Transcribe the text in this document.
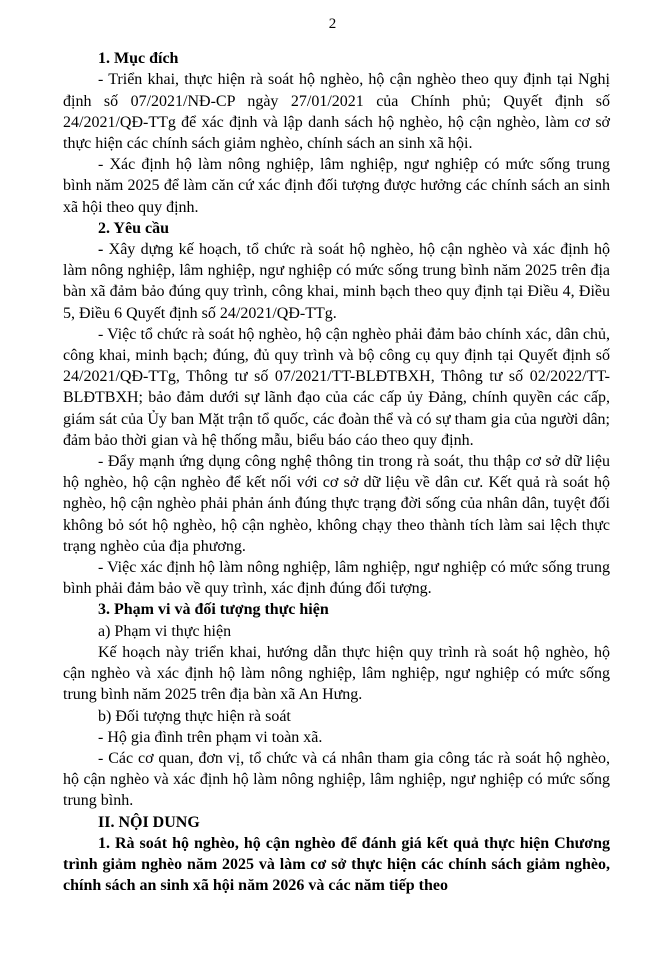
2

1. Mục đích

- Triển khai, thực hiện rà soát hộ nghèo, hộ cận nghèo theo quy định tại Nghị định số 07/2021/NĐ-CP ngày 27/01/2021 của Chính phủ; Quyết định số 24/2021/QĐ-TTg để xác định và lập danh sách hộ nghèo, hộ cận nghèo, làm cơ sở thực hiện các chính sách giảm nghèo, chính sách an sinh xã hội.

- Xác định hộ làm nông nghiệp, lâm nghiệp, ngư nghiệp có mức sống trung bình năm 2025 để làm căn cứ xác định đối tượng được hưởng các chính sách an sinh xã hội theo quy định.

2. Yêu cầu

- Xây dựng kế hoạch, tổ chức rà soát hộ nghèo, hộ cận nghèo và xác định hộ làm nông nghiệp, lâm nghiệp, ngư nghiệp có mức sống trung bình năm 2025 trên địa bàn xã đảm bảo đúng quy trình, công khai, minh bạch theo quy định tại Điều 4, Điều 5, Điều 6 Quyết định số 24/2021/QĐ-TTg.

- Việc tổ chức rà soát hộ nghèo, hộ cận nghèo phải đảm bảo chính xác, dân chủ, công khai, minh bạch; đúng, đủ quy trình và bộ công cụ quy định tại Quyết định số 24/2021/QĐ-TTg, Thông tư số 07/2021/TT-BLĐTBXH, Thông tư số 02/2022/TT-BLĐTBXH; bảo đảm dưới sự lãnh đạo của các cấp ủy Đảng, chính quyền các cấp, giám sát của Ủy ban Mặt trận tổ quốc, các đoàn thể và có sự tham gia của người dân; đảm bảo thời gian và hệ thống mẫu, biểu báo cáo theo quy định.

- Đẩy mạnh ứng dụng công nghệ thông tin trong rà soát, thu thập cơ sở dữ liệu hộ nghèo, hộ cận nghèo để kết nối với cơ sở dữ liệu về dân cư. Kết quả rà soát hộ nghèo, hộ cận nghèo phải phản ánh đúng thực trạng đời sống của nhân dân, tuyệt đối không bỏ sót hộ nghèo, hộ cận nghèo, không chạy theo thành tích làm sai lệch thực trạng nghèo của địa phương.

- Việc xác định hộ làm nông nghiệp, lâm nghiệp, ngư nghiệp có mức sống trung bình phải đảm bảo về quy trình, xác định đúng đối tượng.

3. Phạm vi và đối tượng thực hiện

a) Phạm vi thực hiện

Kế hoạch này triển khai, hướng dẫn thực hiện quy trình rà soát hộ nghèo, hộ cận nghèo và xác định hộ làm nông nghiệp, lâm nghiệp, ngư nghiệp có mức sống trung bình năm 2025 trên địa bàn xã An Hưng.

b) Đối tượng thực hiện rà soát

- Hộ gia đình trên phạm vi toàn xã.

- Các cơ quan, đơn vị, tổ chức và cá nhân tham gia công tác rà soát hộ nghèo, hộ cận nghèo và xác định hộ làm nông nghiệp, lâm nghiệp, ngư nghiệp có mức sống trung bình.

II. NỘI DUNG

1. Rà soát hộ nghèo, hộ cận nghèo để đánh giá kết quả thực hiện Chương trình giảm nghèo năm 2025 và làm cơ sở thực hiện các chính sách giảm nghèo, chính sách an sinh xã hội năm 2026 và các năm tiếp theo
